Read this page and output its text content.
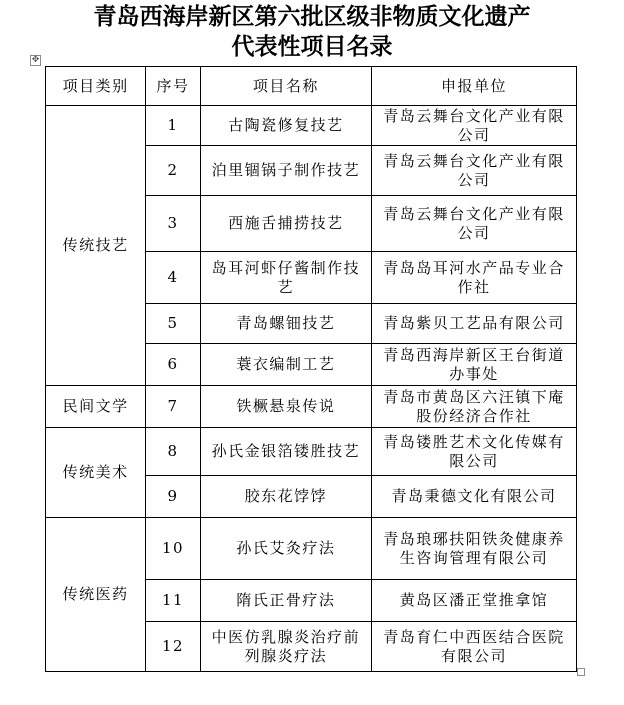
青岛西海岸新区第六批区级非物质文化遗产
代表性项目名录
✥
项目类别	序号	项目名称	申报单位
传统技艺	1	古陶瓷修复技艺	青岛云舞台文化产业有限公司
	2	泊里锢锅子制作技艺	青岛云舞台文化产业有限公司
	3	西施舌捕捞技艺	青岛云舞台文化产业有限公司
	4	岛耳河虾仔酱制作技艺	青岛岛耳河水产品专业合作社
	5	青岛螺钿技艺	青岛紫贝工艺品有限公司
	6	蓑衣编制工艺	青岛西海岸新区王台街道办事处
民间文学	7	铁橛悬泉传说	青岛市黄岛区六汪镇下庵股份经济合作社
传统美术	8	孙氏金银箔镂胜技艺	青岛镂胜艺术文化传媒有限公司
	9	胶东花饽饽	青岛秉德文化有限公司
传统医药	10	孙氏艾灸疗法	青岛琅琊扶阳铁灸健康养生咨询管理有限公司
	11	隋氏正骨疗法	黄岛区潘正堂推拿馆
	12	中医仿乳腺炎治疗前列腺炎疗法	青岛育仁中西医结合医院有限公司
